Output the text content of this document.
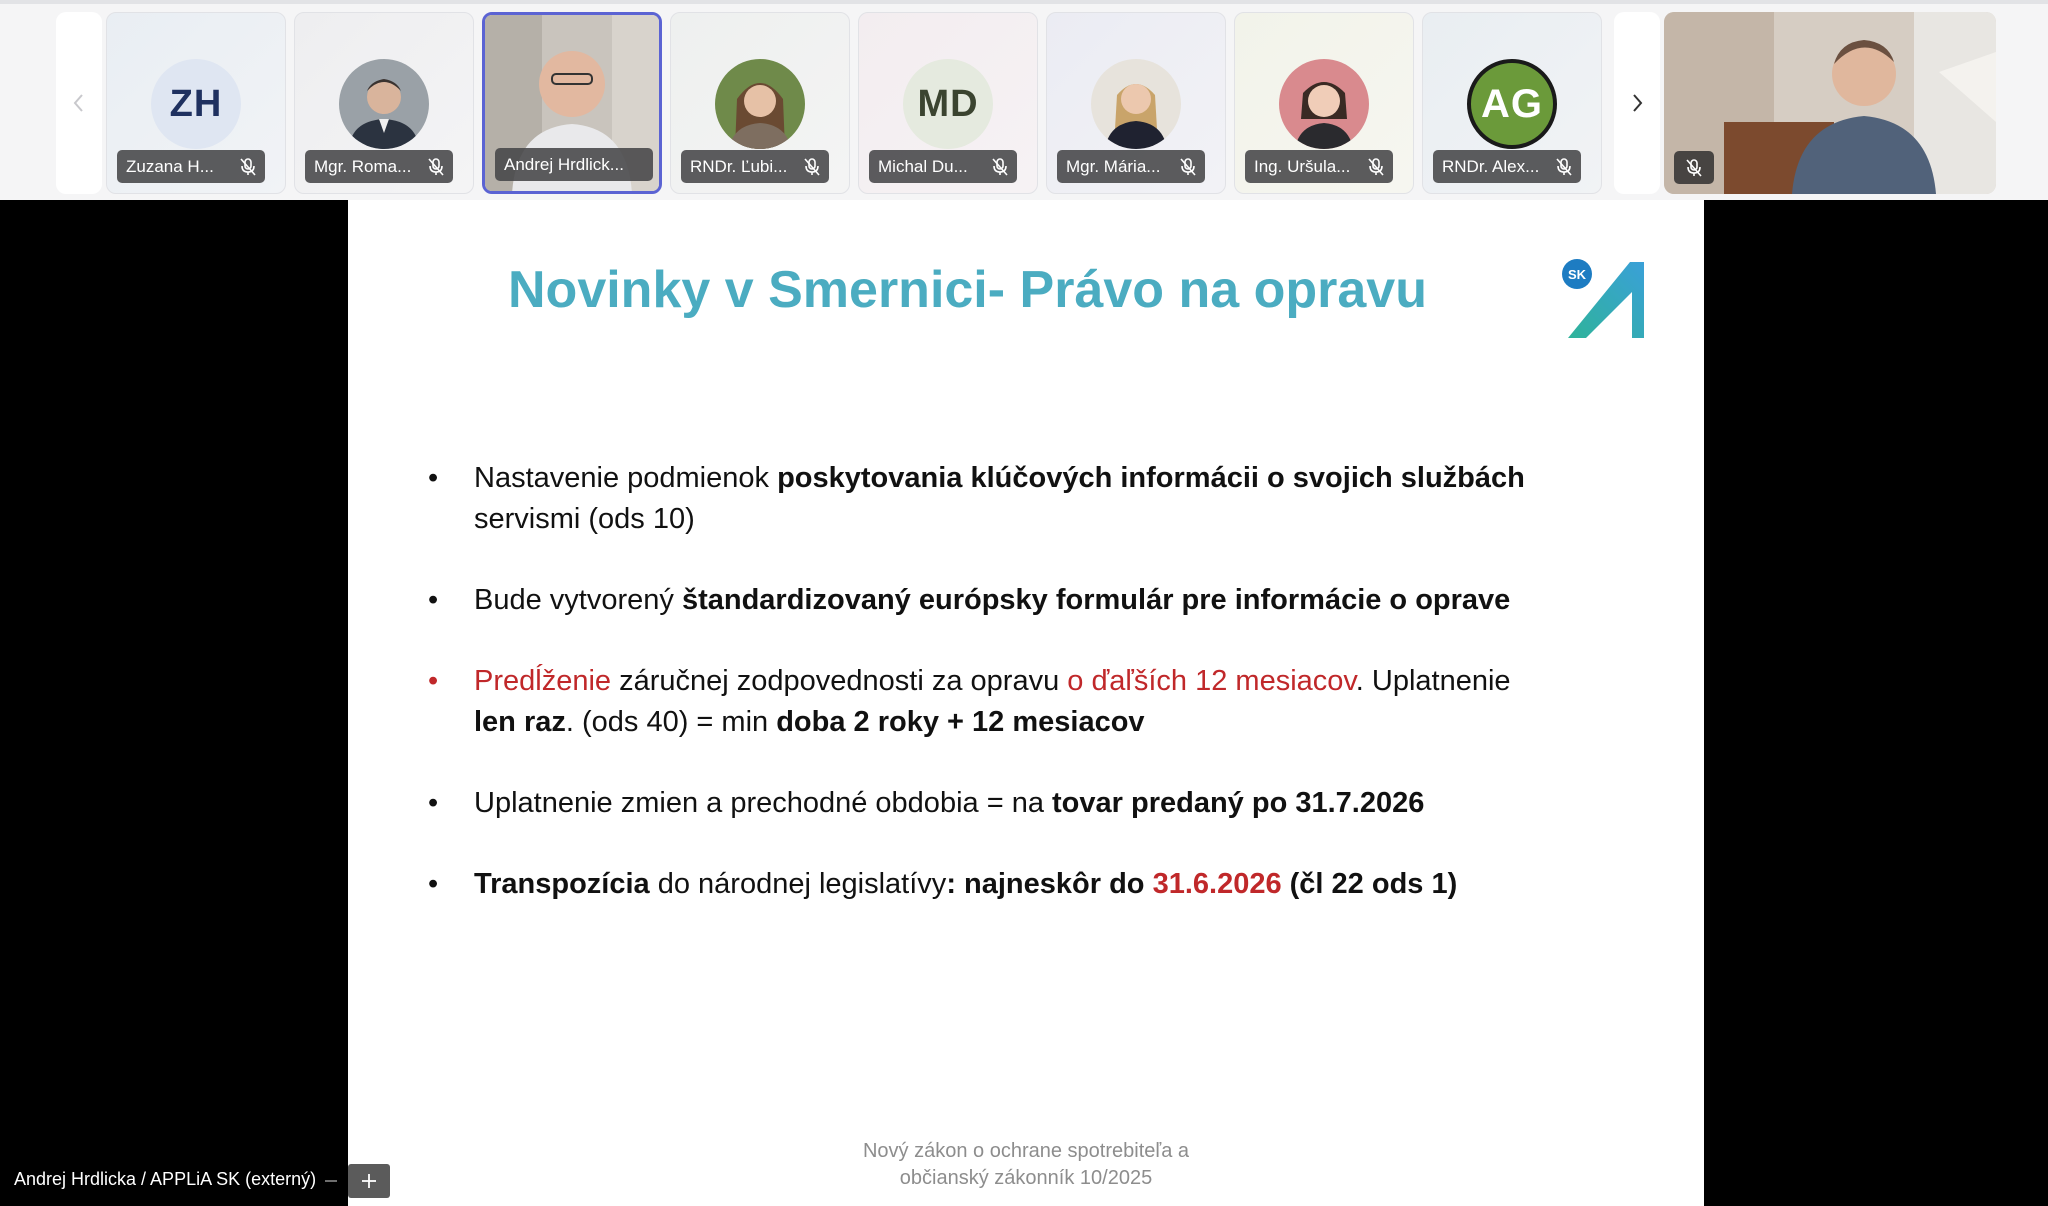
ZH
Zuzana H...	Mgr. Roma...	Andrej Hrdlick...	RNDr. Ľubi...
MD
Michal Du...	Mgr. Mária...	Ing. Uršula...
AG
RNDr. Alex...
Novinky v Smernici- Právo na opravu	SK
• Nastavenie podmienok poskytovania klúčových informácii o svojich službách
servismi (ods 10)
• Bude vytvorený štandardizovaný európsky formulár pre informácie o oprave
• Predĺženie záručnej zodpovednosti za opravu o ďaľších 12 mesiacov. Uplatnenie
len raz. (ods 40) = min doba 2 roky + 12 mesiacov
• Uplatnenie zmien a prechodné obdobia = na tovar predaný po 31.7.2026
• Transpozícia do národnej legislatívy: najneskôr do 31.6.2026 (čl 22 ods 1)
Nový zákon o ochrane spotrebiteľa a
občianský zákonník 10/2025
Andrej Hrdlicka / APPLiA SK (externý)
